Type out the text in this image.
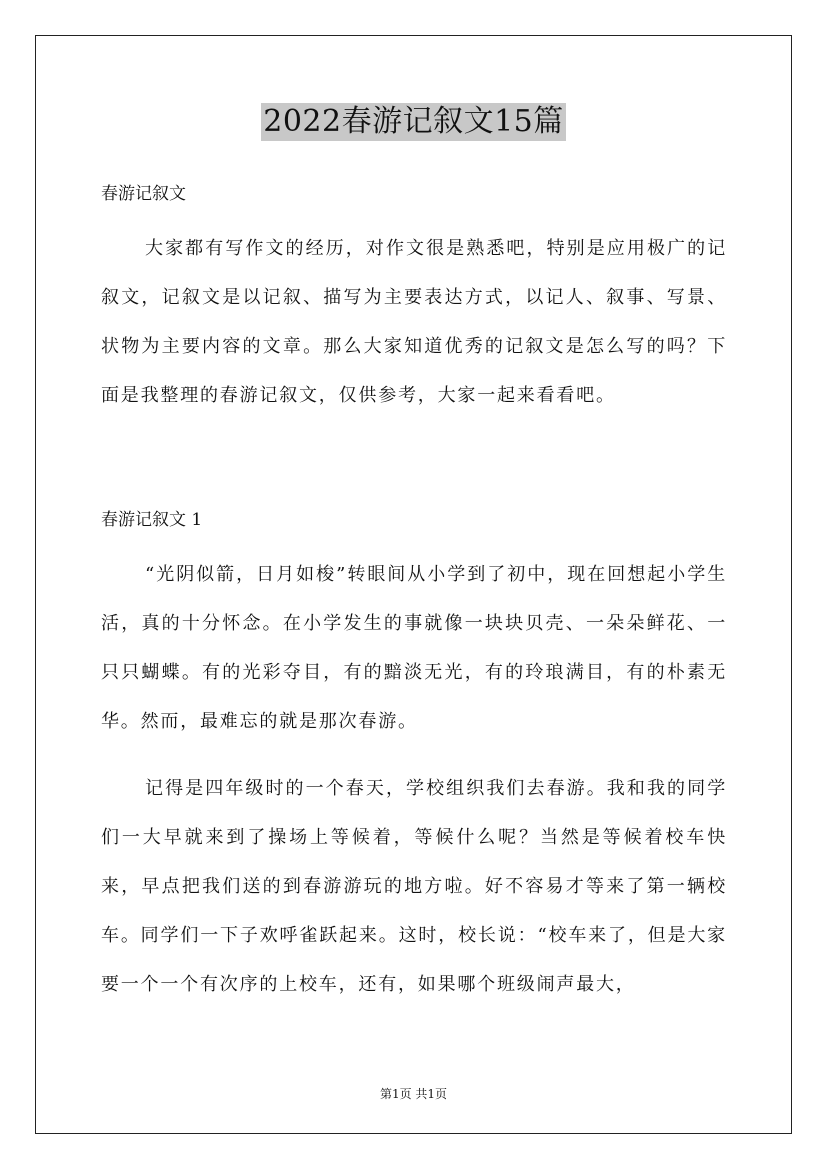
2022春游记叙文15篇
春游记叙文

大家都有写作文的经历，对作文很是熟悉吧，特别是应用极广的记叙文，记叙文是以记叙、描写为主要表达方式，以记人、叙事、写景、状物为主要内容的文章。那么大家知道优秀的记叙文是怎么写的吗？下面是我整理的春游记叙文，仅供参考，大家一起来看看吧。

春游记叙文 1

“光阴似箭，日月如梭”转眼间从小学到了初中，现在回想起小学生活，真的十分怀念。在小学发生的事就像一块块贝壳、一朵朵鲜花、一只只蝴蝶。有的光彩夺目，有的黯淡无光，有的玲琅满目，有的朴素无华。然而，最难忘的就是那次春游。

记得是四年级时的一个春天，学校组织我们去春游。我和我的同学们一大早就来到了操场上等候着，等候什么呢？当然是等候着校车快来，早点把我们送的到春游游玩的地方啦。好不容易才等来了第一辆校车。同学们一下子欢呼雀跃起来。这时，校长说：“校车来了，但是大家要一个一个有次序的上校车，还有，如果哪个班级闹声最大，

第1页 共1页
